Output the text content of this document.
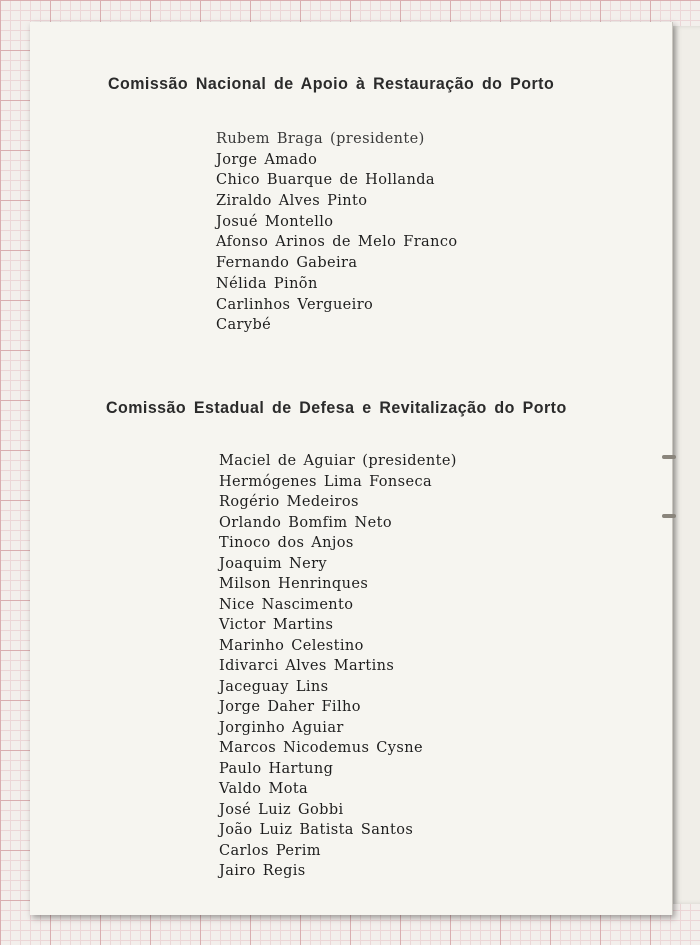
Comissão Nacional de Apoio à Restauração do Porto
Rubem Braga (presidente)
Jorge Amado
Chico Buarque de Hollanda
Ziraldo Alves Pinto
Josué Montello
Afonso Arinos de Melo Franco
Fernando Gabeira
Nélida Pinõn
Carlinhos Vergueiro
Carybé
Comissão Estadual de Defesa e Revitalização do Porto
Maciel de Aguiar (presidente)
Hermógenes Lima Fonseca
Rogério Medeiros
Orlando Bomfim Neto
Tinoco dos Anjos
Joaquim Nery
Milson Henrinques
Nice Nascimento
Victor Martins
Marinho Celestino
Idivarci Alves Martins
Jaceguay Lins
Jorge Daher Filho
Jorginho Aguiar
Marcos Nicodemus Cysne
Paulo Hartung
Valdo Mota
José Luiz Gobbi
João Luiz Batista Santos
Carlos Perim
Jairo Regis
